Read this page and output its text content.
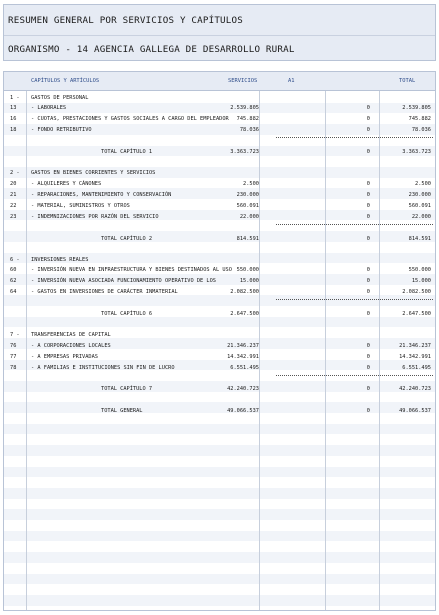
RESUMEN GENERAL POR SERVICIOS Y CAPÍTULOS
ORGANISMO - 14 AGENCIA GALLEGA DE DESARROLLO RURAL
CAPÍTULOS Y ARTÍCULOS	SERVICIOS	A1	TOTAL
1 - GASTOS DE PERSONAL
13	- LABORALES	2.539.805	0	2.539.805
16	- CUOTAS, PRESTACIONES Y GASTOS SOCIALES A CARGO DEL EMPLEADOR 745.882	0	745.882
18	- FONDO RETRIBUTIVO	78.036	0	78.036
TOTAL CAPÍTULO 1	3.363.723	0	3.363.723
2 - GASTOS EN BIENES CORRIENTES Y SERVICIOS
20	- ALQUILERES Y CÁNONES	2.500	0	2.500
21	- REPARACIONES, MANTENIMIENTO Y CONSERVACIÓN	230.000	0	230.000
22	- MATERIAL, SUMINISTROS Y OTROS	560.091	0	560.091
23	- INDEMNIZACIONES POR RAZÓN DEL SERVICIO	22.000	0	22.000
TOTAL CAPÍTULO 2	814.591	0	814.591
6 - INVERSIONES REALES
60	- INVERSIÓN NUEVA EN INFRAESTRUCTURA Y BIENES DESTINADOS AL USO 550.000	0	550.000
62	- INVERSIÓN NUEVA ASOCIADA FUNCIONAMIENTO OPERATIVO DE LOS	15.000	0	15.000
64	- GASTOS EN INVERSIONES DE CARÁCTER INMATERIAL	2.082.500	0	2.082.500
TOTAL CAPÍTULO 6	2.647.500	0	2.647.500
7 - TRANSFERENCIAS DE CAPITAL
76	- A CORPORACIONES LOCALES	21.346.237	0	21.346.237
77	- A EMPRESAS PRIVADAS	14.342.991	0	14.342.991
78	- A FAMILIAS E INSTITUCIONES SIN FIN DE LUCRO	6.551.495	0	6.551.495
TOTAL CAPÍTULO 7	42.240.723	0	42.240.723
TOTAL GENERAL	49.066.537	0	49.066.537
